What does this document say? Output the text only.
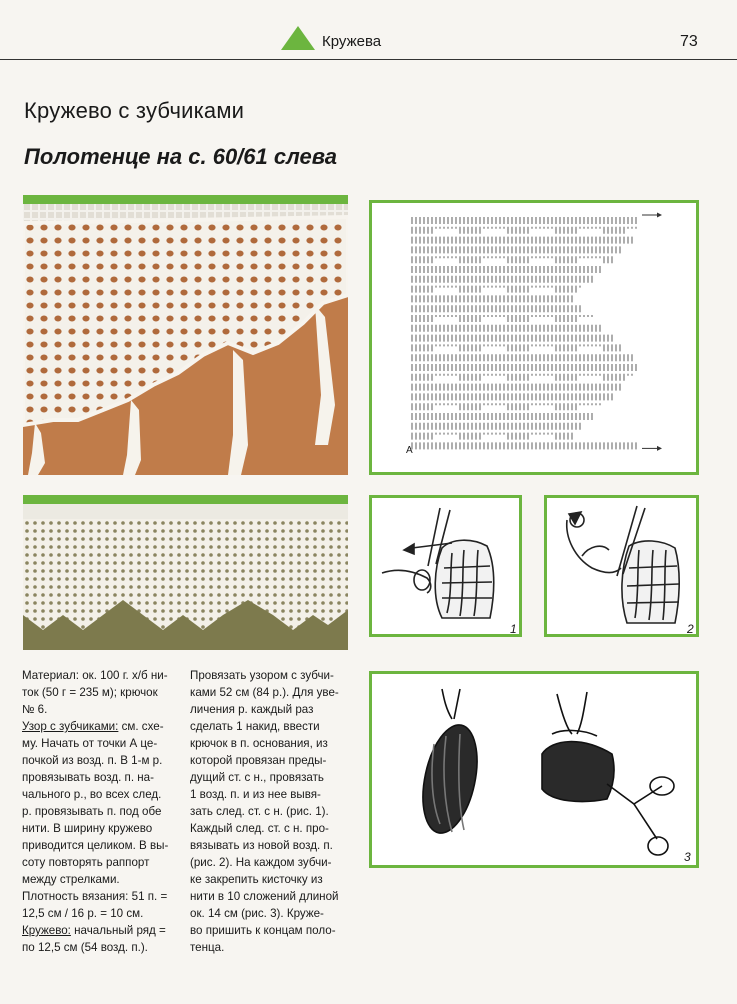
Кружева	73
Кружево с зубчиками
Полотенце на с. 60/61 слева
A
1	2
3

Материал: ок. 100 г. х/б ни-

ток (50 г = 235 м); крючок

№ 6.

Узор с зубчиками: см. схе-

му. Начать от точки А це-

почкой из возд. п. В 1-м р.

провязывать возд. п. на-

чального р., во всех след.

р. провязывать п. под обе

нити. В ширину кружево

приводится целиком. В вы-

соту повторять раппорт

между стрелками.

Плотность вязания: 51 п. =

12,5 см / 16 р. = 10 см.

Кружево: начальный ряд =

по 12,5 см (54 возд. п.).

Провязать узором с зубчи-

ками 52 см (84 р.). Для уве-

личения р. каждый раз

сделать 1 накид, ввести

крючок в п. основания, из

которой провязан преды-

дущий ст. с н., провязать

1 возд. п. и из нее вывя-

зать след. ст. с н. (рис. 1).

Каждый след. ст. с н. про-

вязывать из новой возд. п.

(рис. 2). На каждом зубчи-

ке закрепить кисточку из

нити в 10 сложений длиной

ок. 14 см (рис. 3). Круже-

во пришить к концам поло-

тенца.
